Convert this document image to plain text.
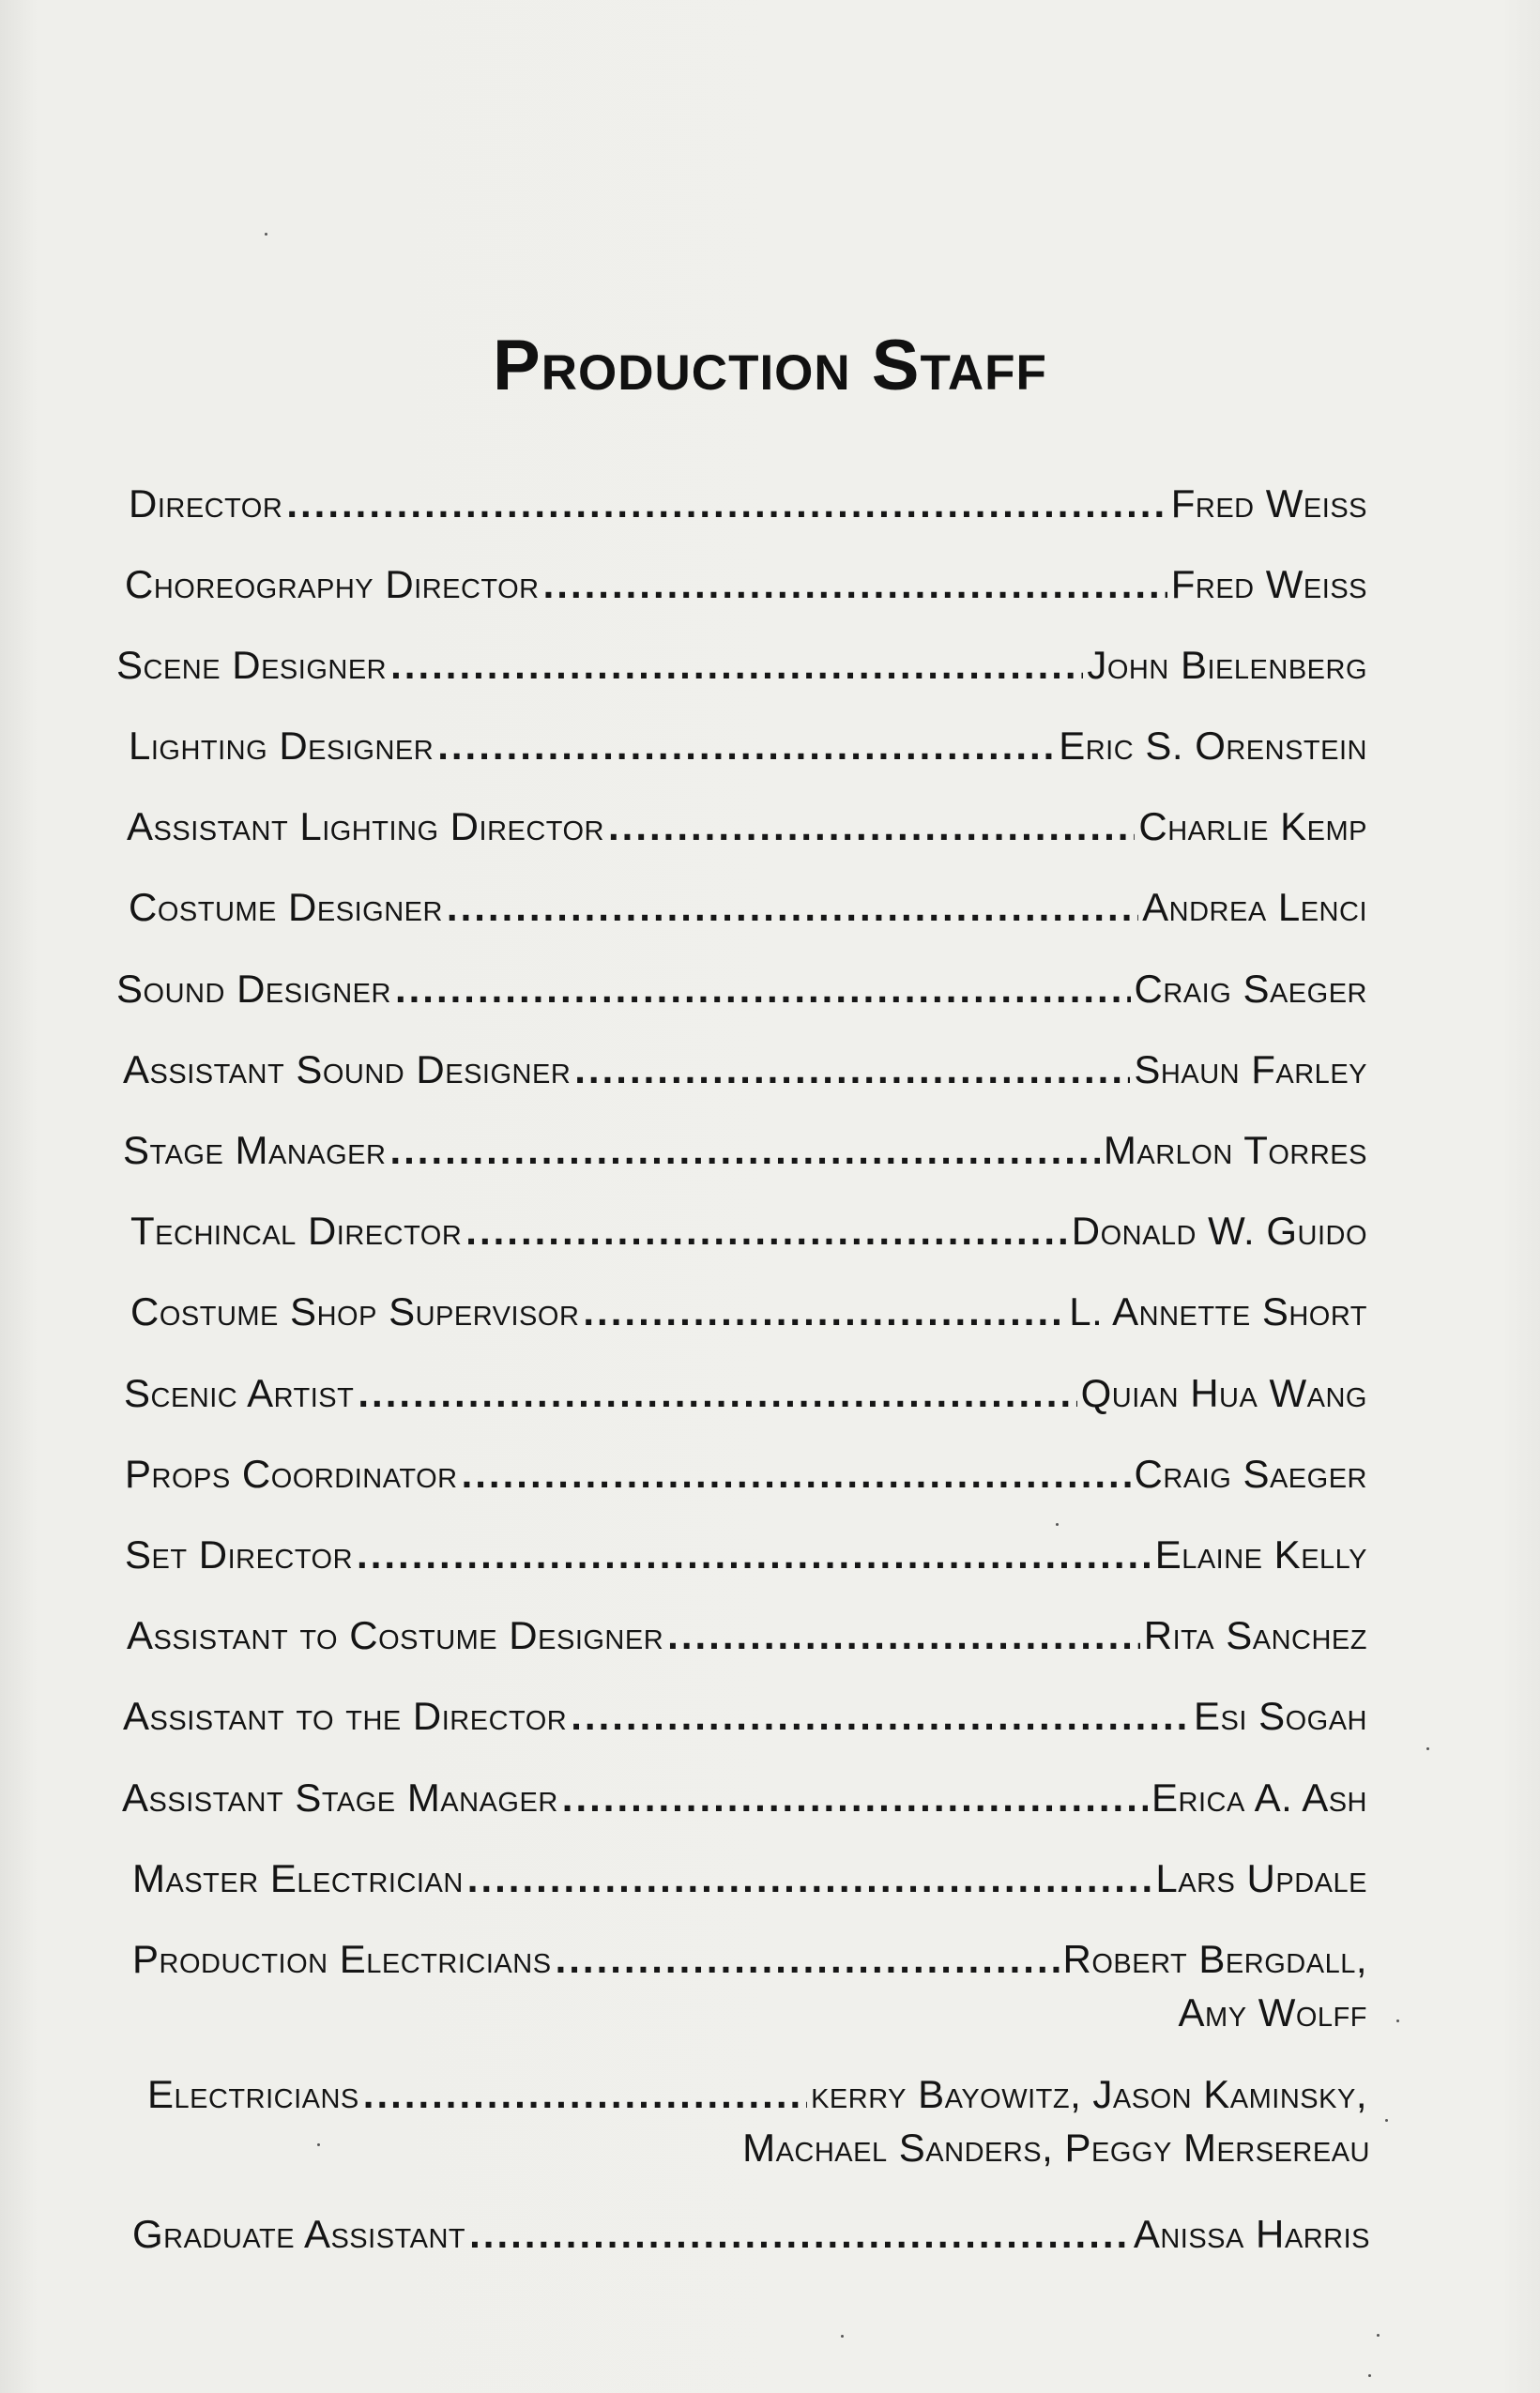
Production Staff
Director .....	Fred Weiss
Choreography Director .....	Fred Weiss
Scene Designer .....	John Bielenberg
Lighting Designer .....	Eric S. Orenstein
Assistant Lighting Director .....	Charlie Kemp
Costume Designer .....	Andrea Lenci
Sound Designer .....	Craig Saeger
Assistant Sound Designer .....	Shaun Farley
Stage Manager .....	Marlon Torres
Techincal Director .....	Donald W. Guido
Costume Shop Supervisor .....	L. Annette Short
Scenic Artist .....	Quian Hua Wang
Props Coordinator .....	Craig Saeger
Set Director .....	Elaine Kelly
Assistant to Costume Designer .....	Rita Sanchez
Assistant to the Director .....	Esi Sogah
Assistant Stage Manager .....	Erica A. Ash
Master Electrician .....	Lars Updale
Production Electricians .....	Robert Bergdall,
Amy Wolff
Electricians .....	kerry Bayowitz, Jason Kaminsky,
Machael Sanders, Peggy Mersereau
Graduate Assistant .....	Anissa Harris
